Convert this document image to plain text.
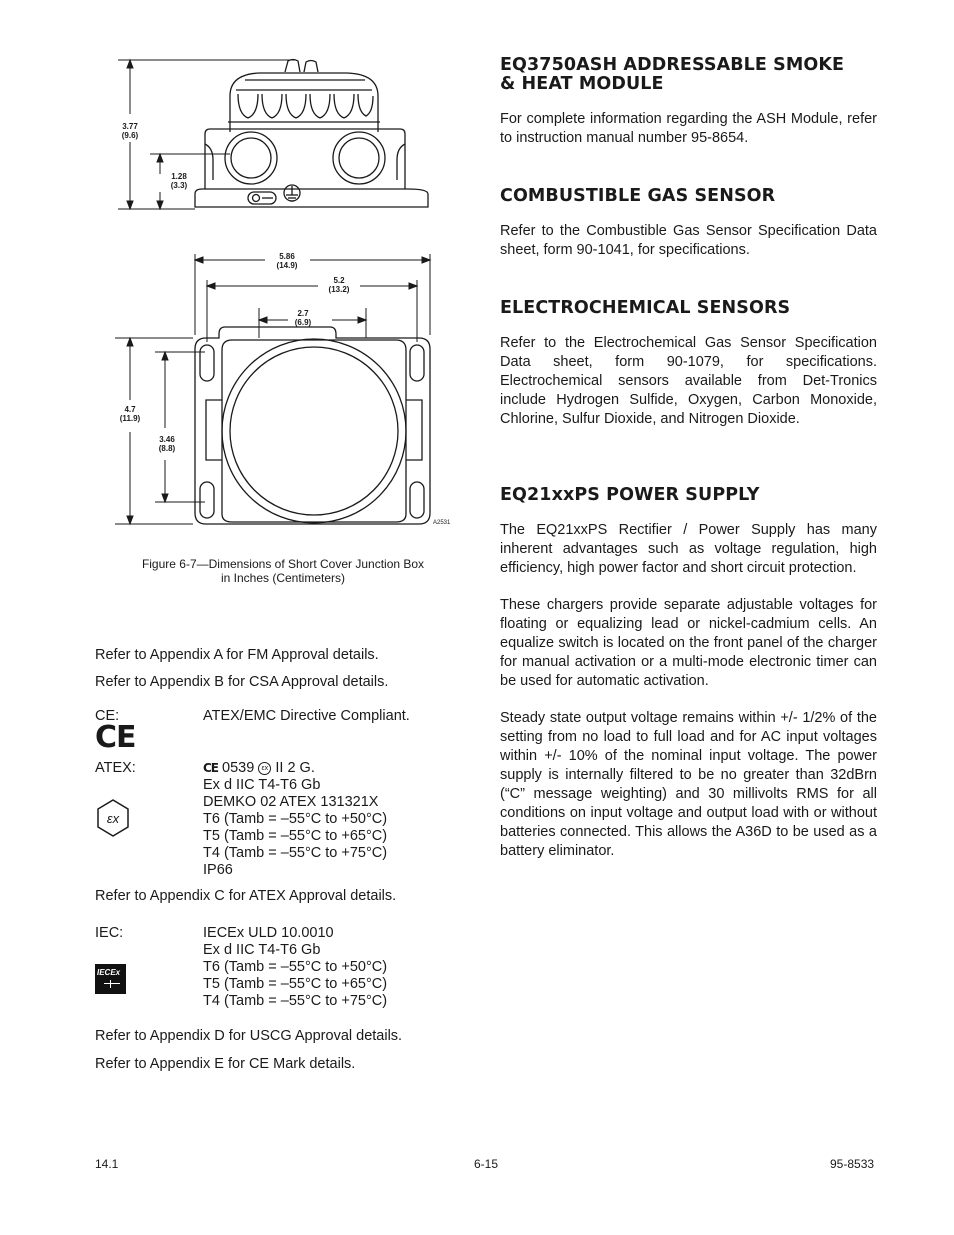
3.77
(9.6)
1.28
(3.3)
5.86
(14.9)
5.2
(13.2)
2.7
(6.9)
4.7
(11.9)
3.46
(8.8)
A2531
Figure 6-7—Dimensions of Short Cover Junction Box
in Inches (Centimeters)
Refer to Appendix A for FM Approval details.
Refer to Appendix B for CSA Approval details.
CE:	ATEX/EMC Directive Compliant.
CE
ATEX:	CE 0539 εx II 2 G.
Ex d IIC T4-T6 Gb
DEMKO 02 ATEX 131321X
T6 (Tamb = –55°C to +50°C)
T5 (Tamb = –55°C to +65°C)
T4 (Tamb = –55°C to +75°C)
IP66
εx
Refer to Appendix C for ATEX Approval details.
IEC:	IECEx ULD 10.0010
Ex d IIC T4-T6 Gb
T6 (Tamb = –55°C to +50°C)
T5 (Tamb = –55°C to +65°C)
T4 (Tamb = –55°C to +75°C)
IECEx
Refer to Appendix D for USCG Approval details.
Refer to Appendix E for CE Mark details.
EQ3750ASH ADDRESSABLE SMOKE
& HEAT MODULE

For complete information regarding the ASH Module, refer to instruction manual number 95-8654.

COMBUSTIBLE GAS SENSOR

Refer to the Combustible Gas Sensor Specification Data sheet, form 90-1041, for specifications.

ELECTROCHEMICAL SENSORS

Refer to the Electrochemical Gas Sensor Specification Data sheet, form 90-1079, for specifications. Electrochemical sensors available from Det-Tronics include Hydrogen Sulfide, Oxygen, Carbon Monoxide, Chlorine, Sulfur Dioxide, and Nitrogen Dioxide.

EQ21xxPS POWER SUPPLY

The EQ21xxPS Rectifier / Power Supply has many inherent advantages such as voltage regulation, high efficiency, high power factor and short circuit protection.

These chargers provide separate adjustable voltages for floating or equalizing lead or nickel-cadmium cells. An equalize switch is located on the front panel of the charger for manual activation or a multi-mode electronic timer can be used for automatic activation.

Steady state output voltage remains within +/- 1/2% of the setting from no load to full load and for AC input voltages within +/- 10% of the nominal input voltage. The power supply is internally filtered to be no greater than 32dBrn (“C” message weighting) and 30 millivolts RMS for all conditions on input voltage and output load with or without batteries connected. This allows the A36D to be used as a battery eliminator.

14.1	6-15	95-8533
